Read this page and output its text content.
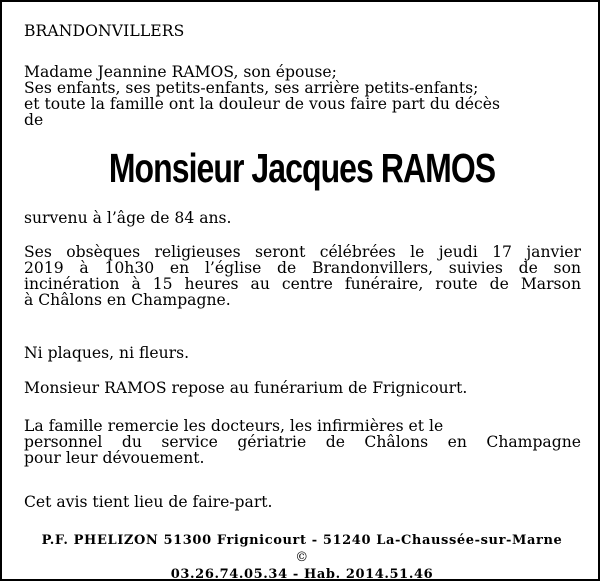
BRANDONVILLERS
Madame Jeannine RAMOS, son épouse;
Ses enfants, ses petits-enfants, ses arrière petits-enfants;
et toute la famille ont la douleur de vous faire part du décès
de
Monsieur Jacques RAMOS
survenu à l’âge de 84 ans.
Ses obsèques religieuses seront célébrées le jeudi 17 janvier
2019 à 10h30 en l’église de Brandonvillers, suivies de son
incinération à 15 heures au centre funéraire, route de Marson
à Châlons en Champagne.
Ni plaques, ni fleurs.
Monsieur RAMOS repose au funérarium de Frignicourt.
La famille remercie les docteurs, les infirmières et le
personnel du service gériatrie de Châlons en Champagne
pour leur dévouement.
Cet avis tient lieu de faire-part.
P.F. PHELIZON 51300 Frignicourt - 51240 La-Chaussée-sur-Marne
©
03.26.74.05.34 - Hab. 2014.51.46
